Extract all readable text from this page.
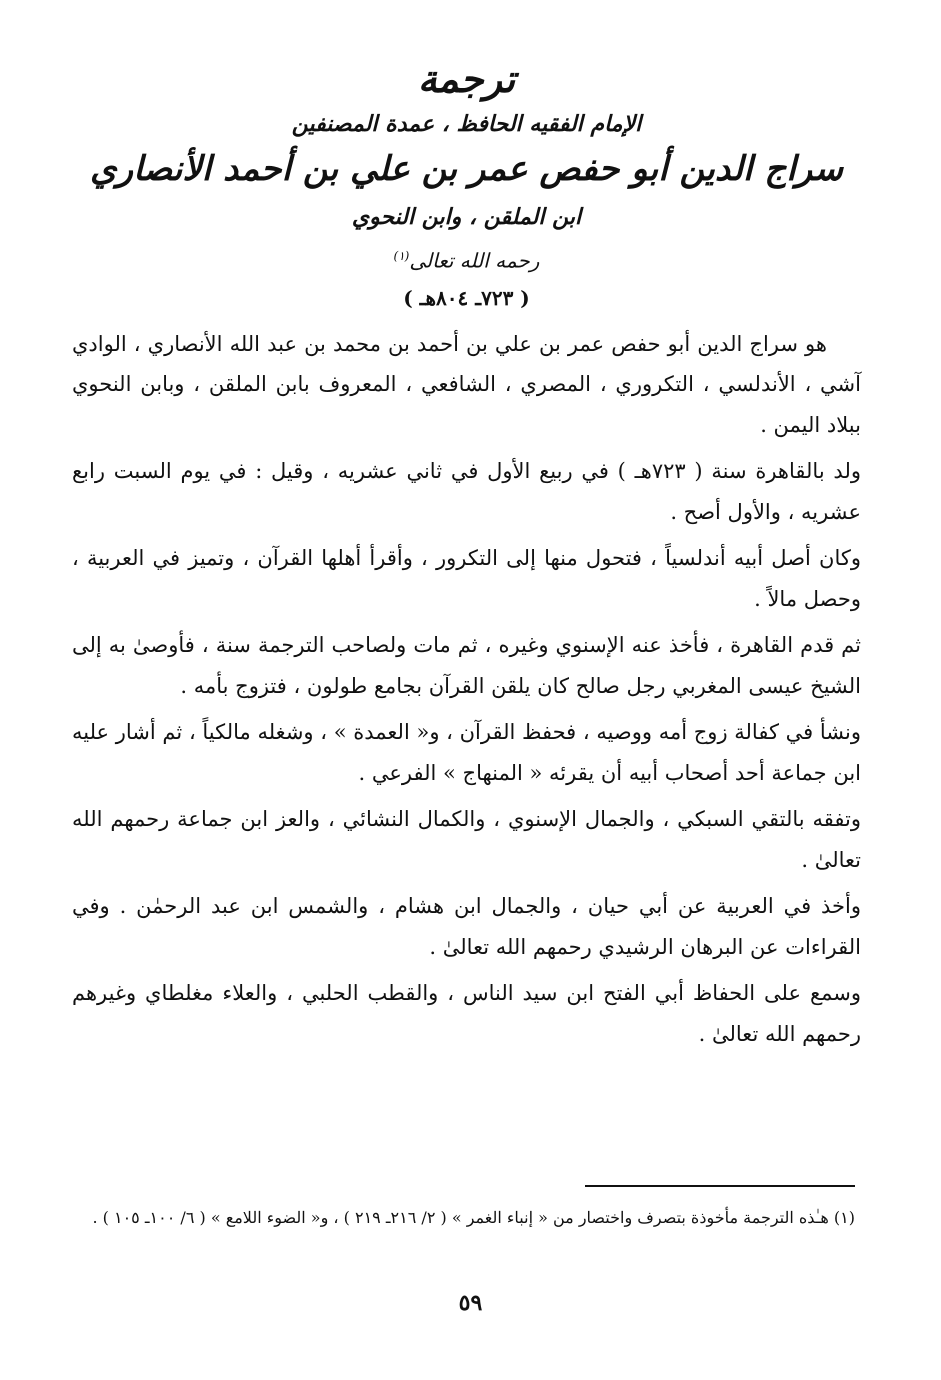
ترجمة
الإمام الفقيه الحافظ ، عمدة المصنفين
سراج الدين أبو حفص عمر بن علي بن أحمد الأنصاري
ابن الملقن ، وابن النحوي
رحمه الله تعالى$^{(١)}$
( ٧٢٣ـ ٨٠٤هـ )

هو سراج الدين أبو حفص عمر بن علي بن أحمد بن محمد بن عبد الله الأنصاري ، الوادي آشي ، الأندلسي ، التكروري ، المصري ، الشافعي ، المعروف بابن الملقن ، وبابن النحوي ببلاد اليمن .

ولد بالقاهرة سنة ( ٧٢٣هـ ) في ربيع الأول في ثاني عشريه ، وقيل : في يوم السبت رابع عشريه ، والأول أصح .

وكان أصل أبيه أندلسياً ، فتحول منها إلى التكرور ، وأقرأ أهلها القرآن ، وتميز في العربية ، وحصل مالاً .

ثم قدم القاهرة ، فأخذ عنه الإسنوي وغيره ، ثم مات ولصاحب الترجمة سنة ، فأوصىٰ به إلى الشيخ عيسى المغربي رجل صالح كان يلقن القرآن بجامع طولون ، فتزوج بأمه .

ونشأ في كفالة زوج أمه ووصيه ، فحفظ القرآن ، و« العمدة » ، وشغله مالكياً ، ثم أشار عليه ابن جماعة أحد أصحاب أبيه أن يقرئه « المنهاج » الفرعي .

وتفقه بالتقي السبكي ، والجمال الإسنوي ، والكمال النشائي ، والعز ابن جماعة رحمهم الله تعالىٰ .

وأخذ في العربية عن أبي حيان ، والجمال ابن هشام ، والشمس ابن عبد الرحمٰن . وفي القراءات عن البرهان الرشيدي رحمهم الله تعالىٰ .

وسمع على الحفاظ أبي الفتح ابن سيد الناس ، والقطب الحلبي ، والعلاء مغلطاي وغيرهم رحمهم الله تعالىٰ .

(١) هـٰذه الترجمة مأخوذة بتصرف واختصار من « إنباء الغمر » ( ٢/ ٢١٦ـ ٢١٩ ) ، و« الضوء اللامع » ( ٦/ ١٠٠ـ ١٠٥ ) .
٥٩
